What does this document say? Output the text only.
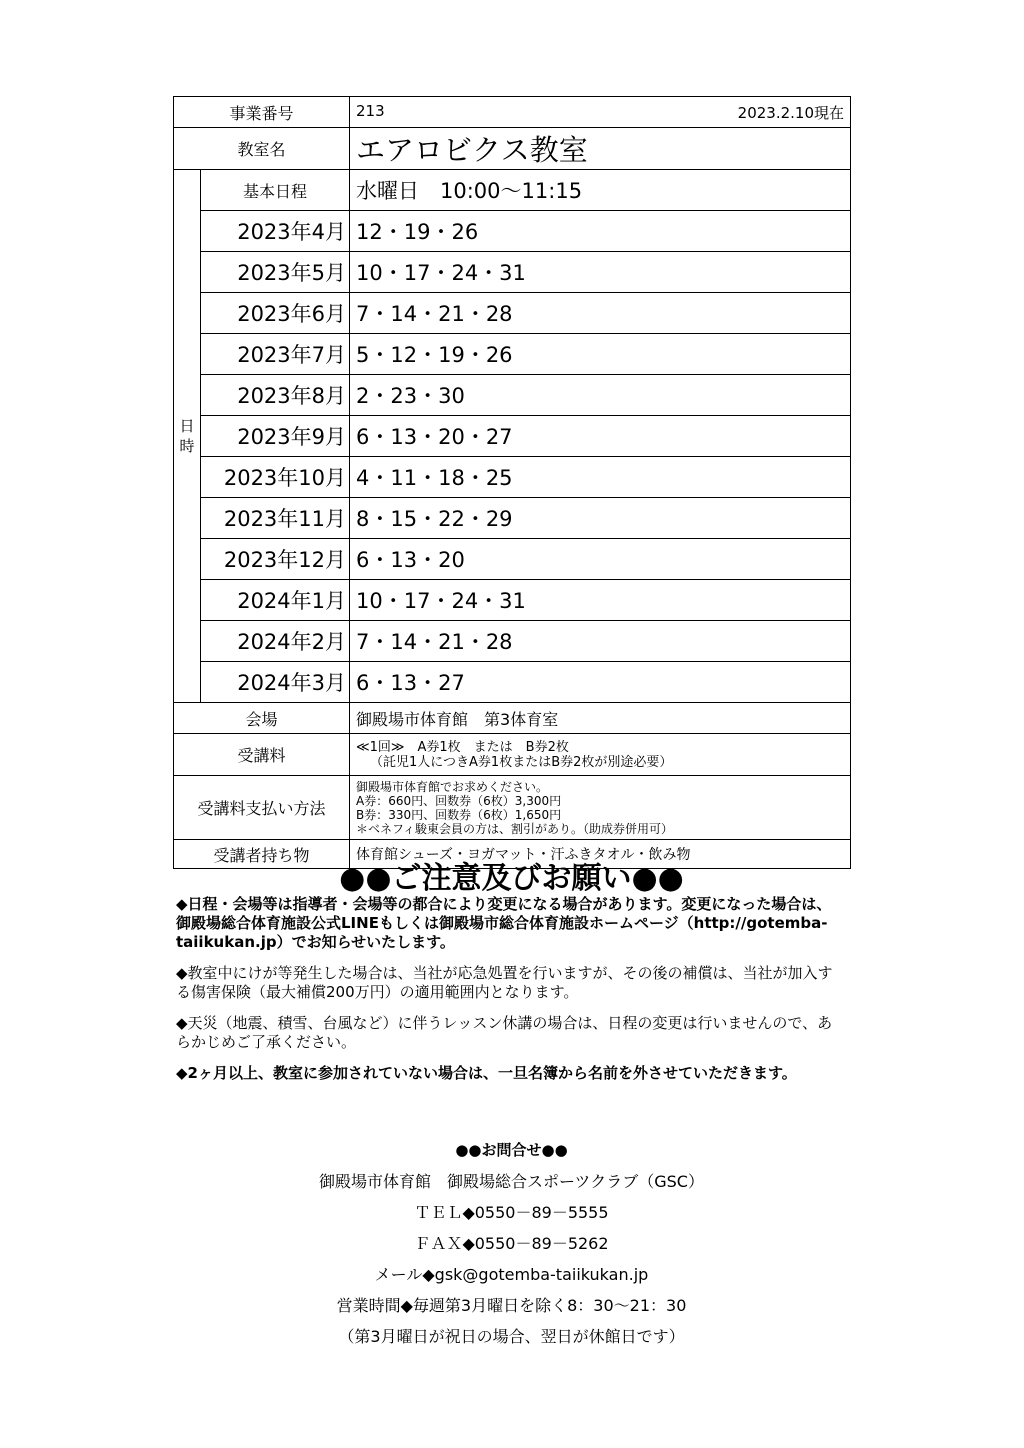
事業番号		213 2023.2.10現在

教室名		エアロビクス教室

日
時	基本日程	水曜日　10:00～11:15
	2023年4月	12・19・26
	2023年5月	10・17・24・31
	2023年6月	7・14・21・28
	2023年7月	5・12・19・26
	2023年8月	2・23・30
	2023年9月	6・13・20・27
	2023年10月	4・11・18・25
	2023年11月	8・15・22・29
	2023年12月	6・13・20
	2024年1月	10・17・24・31
	2024年2月	7・14・21・28
	2024年3月	6・13・27
会場		御殿場市体育館　第3体育室
受講料		≪1回≫　A券1枚　または　B券2枚
（託児1人につきA券1枚またはB券2枚が別途必要）

受講料支払い方法		御殿場市体育館でお求めください。
A券：660円、回数券（6枚）3,300円
B券：330円、回数券（6枚）1,650円
＊ベネフィ駿東会員の方は、割引があり。（助成券併用可）

受講者持ち物		体育館シューズ・ヨガマット・汗ふきタオル・飲み物
●●ご注意及びお願い●●

◆日程・会場等は指導者・会場等の都合により変更になる場合があります。変更になった場合は、御殿場総合体育施設公式LINEもしくは御殿場市総合体育施設ホームページ（http://gotemba-taiikukan.jp）でお知らせいたします。

◆教室中にけが等発生した場合は、当社が応急処置を行いますが、その後の補償は、当社が加入する傷害保険（最大補償200万円）の適用範囲内となります。

◆天災（地震、積雪、台風など）に伴うレッスン休講の場合は、日程の変更は行いませんので、あらかじめご了承ください。

◆2ヶ月以上、教室に参加されていない場合は、一旦名簿から名前を外させていただきます。

●●お問合せ●●
御殿場市体育館　御殿場総合スポーツクラブ（GSC）
ＴＥＬ◆0550－89－5555
ＦＡＸ◆0550－89－5262
メール◆gsk@gotemba-taiikukan.jp
営業時間◆毎週第3月曜日を除く8：30～21：30
（第3月曜日が祝日の場合、翌日が休館日です）
